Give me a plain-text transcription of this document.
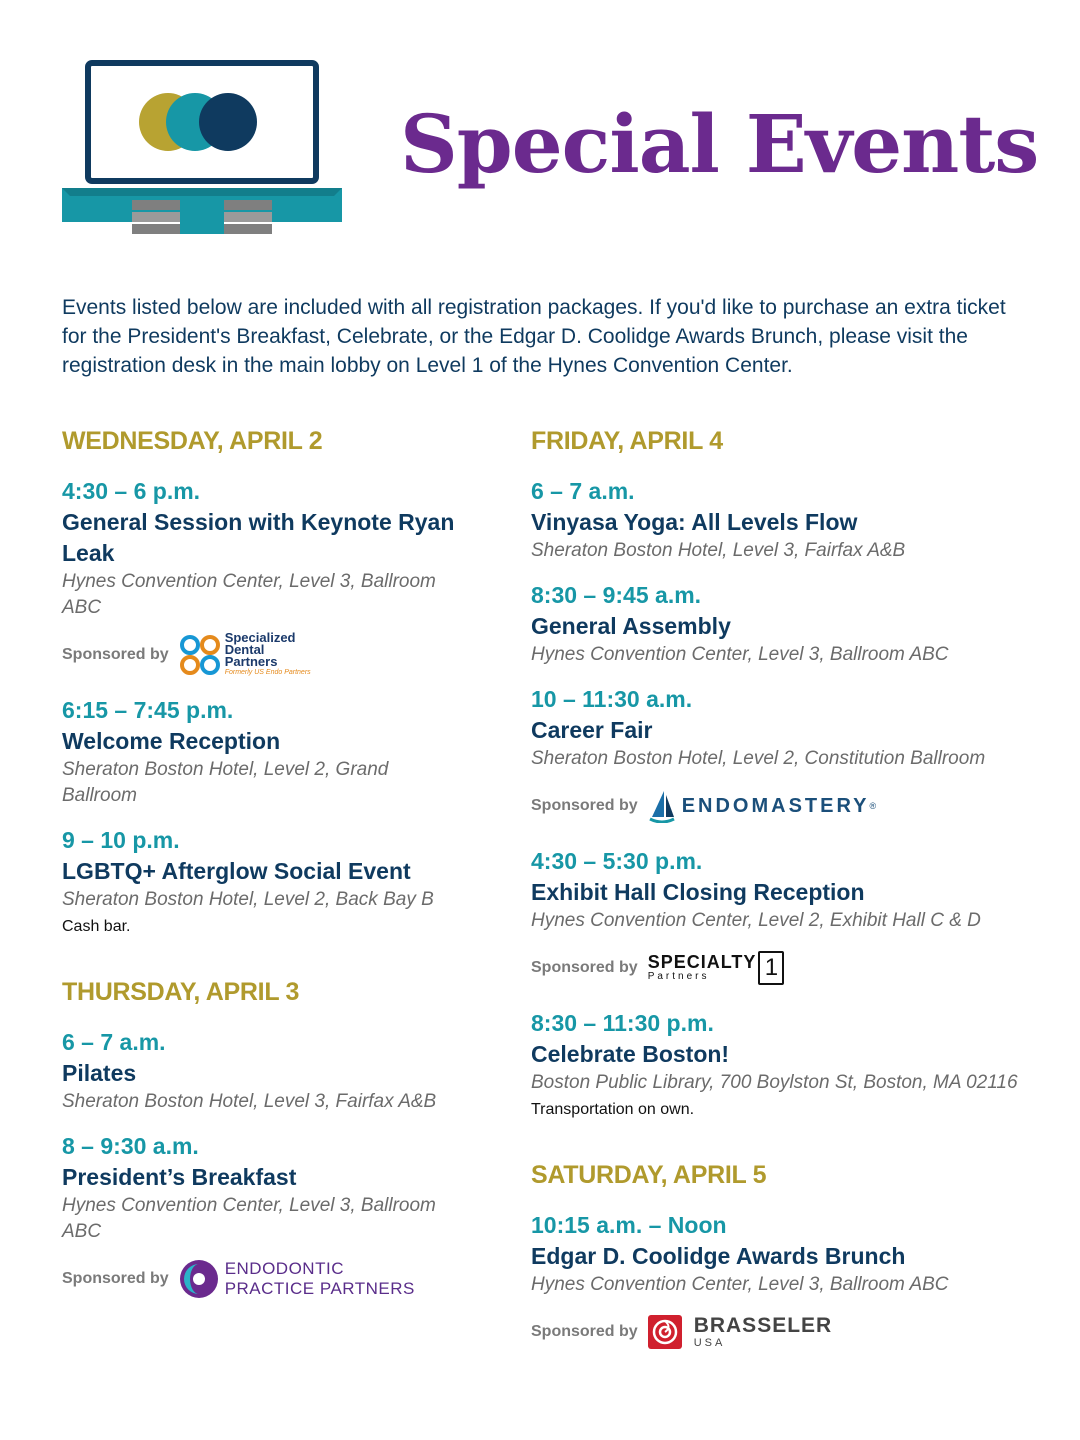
Special Events

Events listed below are included with all registration packages. If you'd like to purchase an extra ticket for the President's Breakfast, Celebrate, or the Edgar D. Coolidge Awards Brunch, please visit the registration desk in the main lobby on Level 1 of the Hynes Convention Center.

WEDNESDAY, APRIL 2
4:30 – 6 p.m.
General Session with Keynote Ryan Leak
Hynes Convention Center, Level 3, Ballroom ABC
Sponsored by
Specialized
Dental
Partners
Formerly US Endo Partners
6:15 – 7:45 p.m.
Welcome Reception
Sheraton Boston Hotel, Level 2, Grand Ballroom
9 – 10 p.m.
LGBTQ+ Afterglow Social Event
Sheraton Boston Hotel, Level 2, Back Bay B
Cash bar.
THURSDAY, APRIL 3
6 – 7 a.m.
Pilates
Sheraton Boston Hotel, Level 3, Fairfax A&B
8 – 9:30 a.m.
President’s Breakfast
Hynes Convention Center, Level 3, Ballroom ABC
Sponsored by
ENDODONTIC
PRACTICE PARTNERS
FRIDAY, APRIL 4
6 – 7 a.m.
Vinyasa Yoga: All Levels Flow
Sheraton Boston Hotel, Level 3, Fairfax A&B
8:30 – 9:45 a.m.
General Assembly
Hynes Convention Center, Level 3, Ballroom ABC
10 – 11:30 a.m.
Career Fair
Sheraton Boston Hotel, Level 2, Constitution Ballroom
Sponsored by ENDOMASTERY ®
4:30 – 5:30 p.m.
Exhibit Hall Closing Reception
Hynes Convention Center, Level 2, Exhibit Hall C & D
Sponsored by SPECIALTY
Partners	1
8:30 – 11:30 p.m.
Celebrate Boston!
Boston Public Library, 700 Boylston St, Boston, MA 02116
Transportation on own.
SATURDAY, APRIL 5
10:15 a.m. – Noon
Edgar D. Coolidge Awards Brunch
Hynes Convention Center, Level 3, Ballroom ABC
Sponsored by	BRASSELER
USA
